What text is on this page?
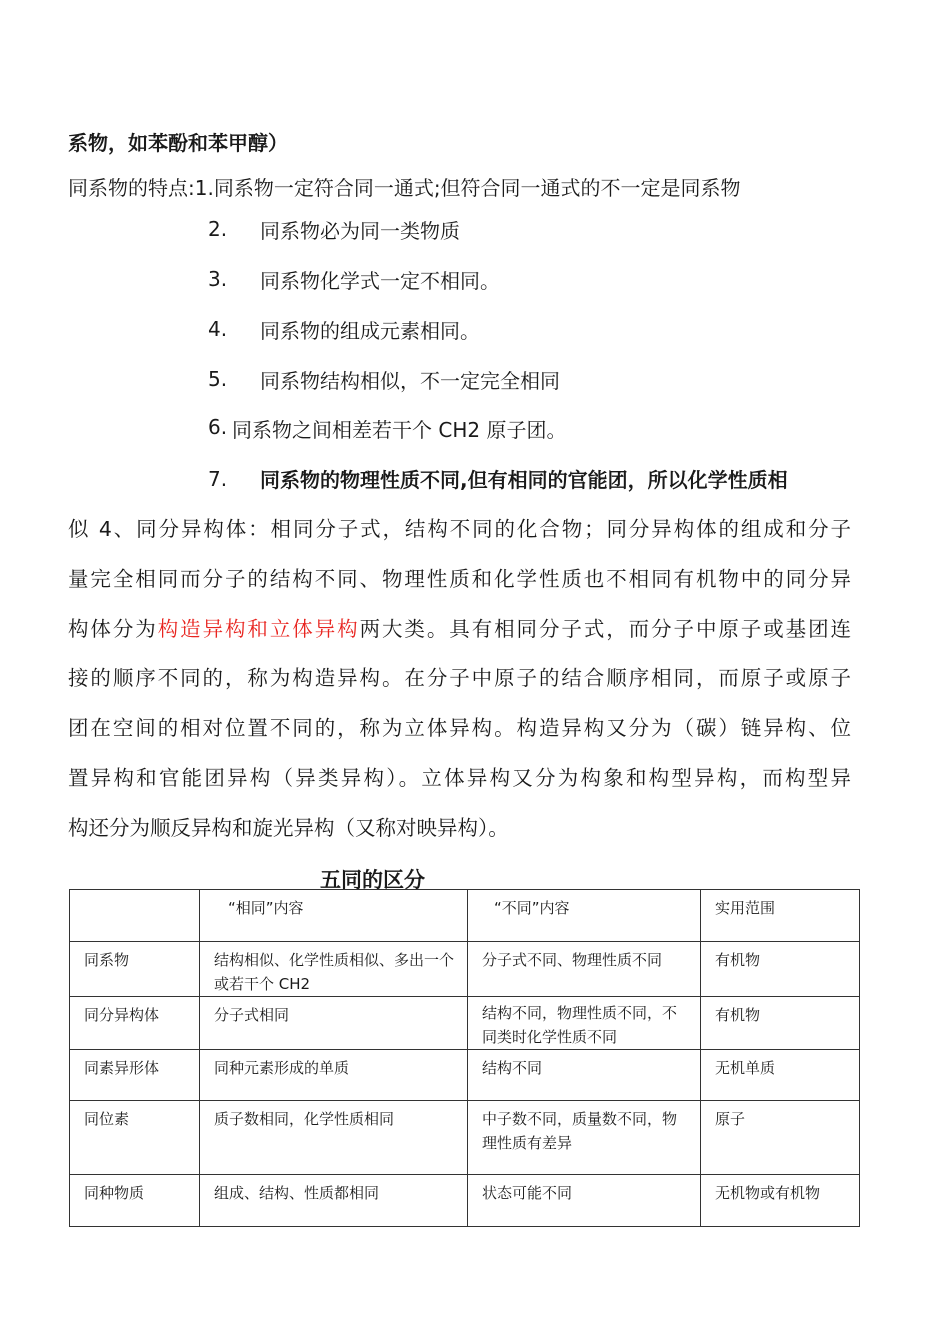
系物，如苯酚和苯甲醇）
同系物的特点:1.同系物一定符合同一通式;但符合同一通式的不一定是同系物
2. 同系物必为同一类物质
3. 同系物化学式一定不相同。
4. 同系物的组成元素相同。
5. 同系物结构相似，不一定完全相同
6. 同系物之间相差若干个 CH2 原子团。
7. 同系物的物理性质不同,但有相同的官能团，所以化学性质相
似 4、同分异构体：相同分子式，结构不同的化合物；同分异构体的组成和分子
量完全相同而分子的结构不同、物理性质和化学性质也不相同有机物中的同分异
构体分为构造异构和立体异构两大类。具有相同分子式，而分子中原子或基团连
接的顺序不同的，称为构造异构。在分子中原子的结合顺序相同，而原子或原子
团在空间的相对位置不同的，称为立体异构。构造异构又分为（碳）链异构、位
置异构和官能团异构（异类异构）。立体异构又分为构象和构型异构，而构型异
构还分为顺反异构和旋光异构（又称对映异构）。
五同的区分
	“相同”内容	“不同”内容	实用范围
同系物	结构相似、化学性质相似、多出一个或若干个 CH2	分子式不同、物理性质不同	有机物
同分异构体	分子式相同	结构不同，物理性质不同，不同类时化学性质不同	有机物
同素异形体	同种元素形成的单质	结构不同	无机单质
同位素	质子数相同，化学性质相同	中子数不同，质量数不同，物理性质有差异	原子
同种物质	组成、结构、性质都相同	状态可能不同	无机物或有机物
